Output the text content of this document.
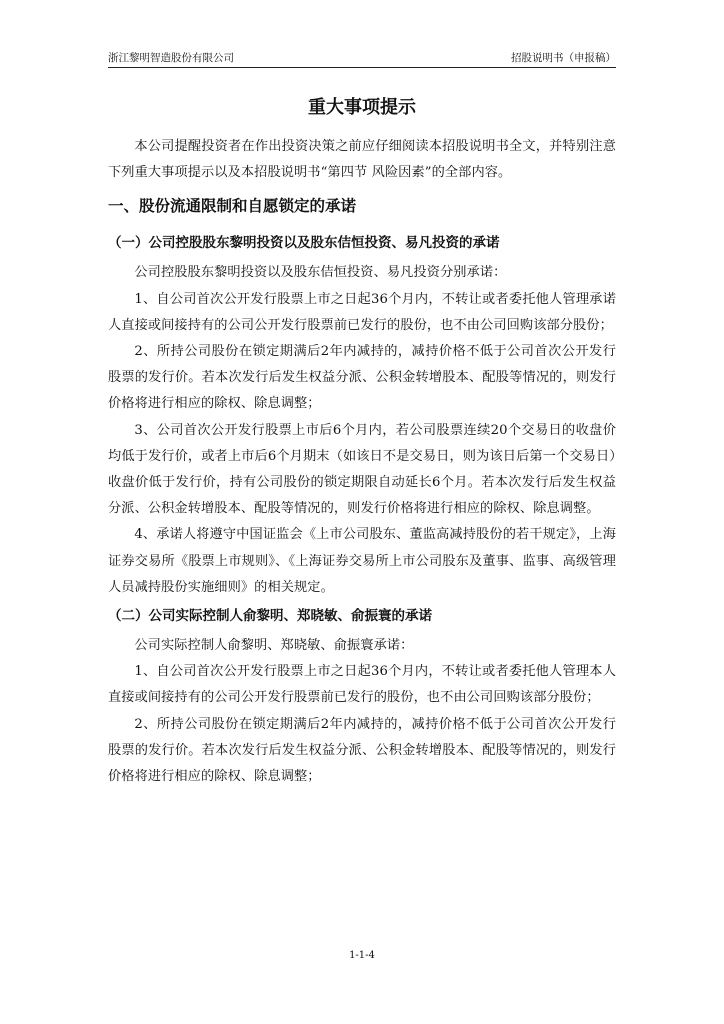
浙江黎明智造股份有限公司	招股说明书（申报稿）
重大事项提示

本公司提醒投资者在作出投资决策之前应仔细阅读本招股说明书全文，并特别注意下列重大事项提示以及本招股说明书“第四节 风险因素”的全部内容。

一、股份流通限制和自愿锁定的承诺
（一）公司控股股东黎明投资以及股东佶恒投资、易凡投资的承诺

公司控股股东黎明投资以及股东佶恒投资、易凡投资分别承诺：

1、自公司首次公开发行股票上市之日起36个月内，不转让或者委托他人管理承诺人直接或间接持有的公司公开发行股票前已发行的股份，也不由公司回购该部分股份；

2、所持公司股份在锁定期满后2年内减持的，减持价格不低于公司首次公开发行股票的发行价。若本次发行后发生权益分派、公积金转增股本、配股等情况的，则发行价格将进行相应的除权、除息调整；

3、公司首次公开发行股票上市后6个月内，若公司股票连续20个交易日的收盘价均低于发行价，或者上市后6个月期末（如该日不是交易日，则为该日后第一个交易日）收盘价低于发行价，持有公司股份的锁定期限自动延长6个月。若本次发行后发生权益分派、公积金转增股本、配股等情况的，则发行价格将进行相应的除权、除息调整。

4、承诺人将遵守中国证监会《上市公司股东、董监高减持股份的若干规定》，上海证券交易所《股票上市规则》、《上海证券交易所上市公司股东及董事、监事、高级管理人员减持股份实施细则》的相关规定。

（二）公司实际控制人俞黎明、郑晓敏、俞振寰的承诺

公司实际控制人俞黎明、郑晓敏、俞振寰承诺：

1、自公司首次公开发行股票上市之日起36个月内，不转让或者委托他人管理本人直接或间接持有的公司公开发行股票前已发行的股份，也不由公司回购该部分股份；

2、所持公司股份在锁定期满后2年内减持的，减持价格不低于公司首次公开发行股票的发行价。若本次发行后发生权益分派、公积金转增股本、配股等情况的，则发行价格将进行相应的除权、除息调整；

1-1-4
